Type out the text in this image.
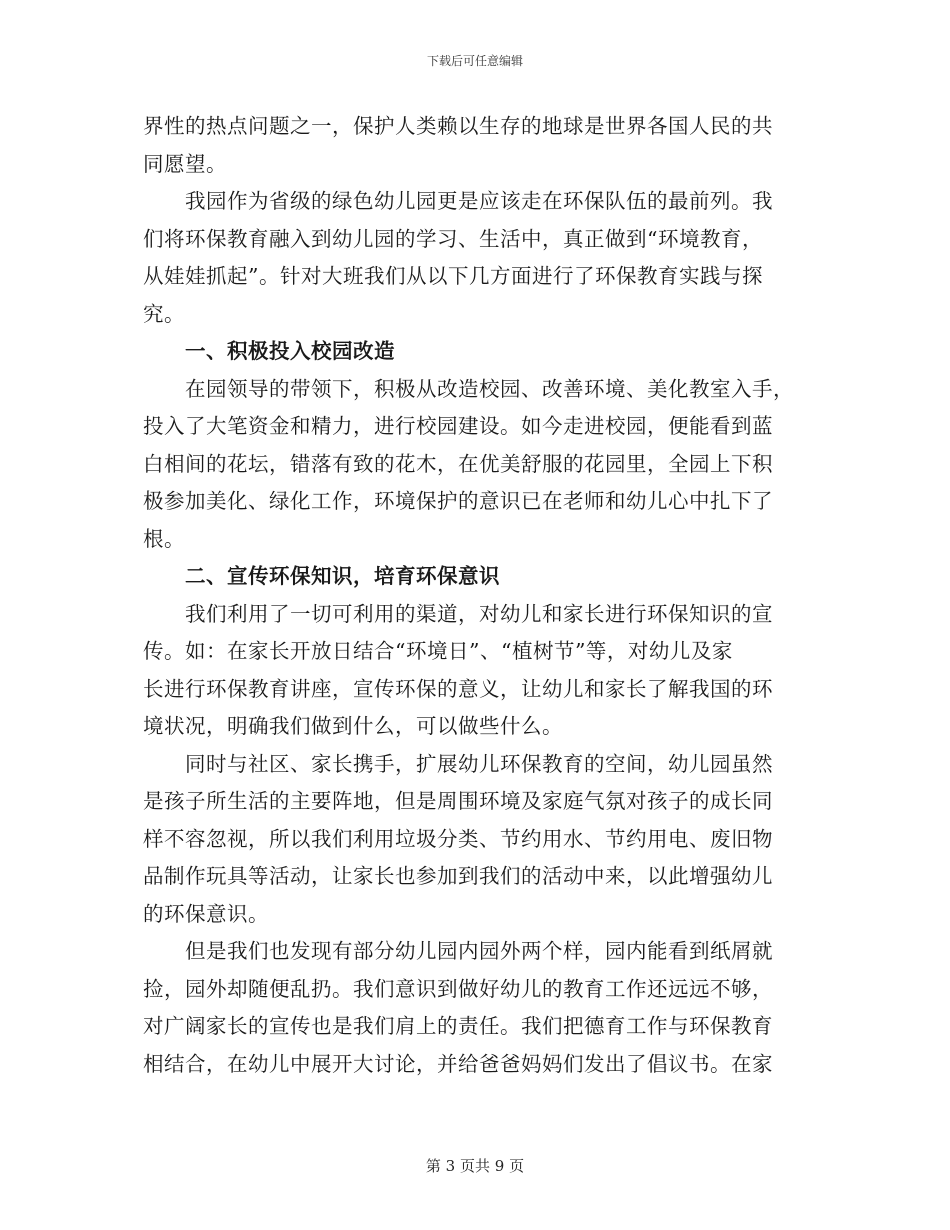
下载后可任意编辑
界性的热点问题之一，保护人类赖以生存的地球是世界各国人民的共
同愿望。
我园作为省级的绿色幼儿园更是应该走在环保队伍的最前列。我
们将环保教育融入到幼儿园的学习、生活中，真正做到“环境教育，
从娃娃抓起”。针对大班我们从以下几方面进行了环保教育实践与探
究。
一、积极投入校园改造
在园领导的带领下，积极从改造校园、改善环境、美化教室入手，
投入了大笔资金和精力，进行校园建设。如今走进校园，便能看到蓝
白相间的花坛，错落有致的花木，在优美舒服的花园里，全园上下积
极参加美化、绿化工作，环境保护的意识已在老师和幼儿心中扎下了
根。
二、宣传环保知识，培育环保意识
我们利用了一切可利用的渠道，对幼儿和家长进行环保知识的宣
传。如：在家长开放日结合“环境日”、“植树节”等，对幼儿及家
长进行环保教育讲座，宣传环保的意义，让幼儿和家长了解我国的环
境状况，明确我们做到什么，可以做些什么。
同时与社区、家长携手，扩展幼儿环保教育的空间，幼儿园虽然
是孩子所生活的主要阵地，但是周围环境及家庭气氛对孩子的成长同
样不容忽视，所以我们利用垃圾分类、节约用水、节约用电、废旧物
品制作玩具等活动，让家长也参加到我们的活动中来，以此增强幼儿
的环保意识。
但是我们也发现有部分幼儿园内园外两个样，园内能看到纸屑就
捡，园外却随便乱扔。我们意识到做好幼儿的教育工作还远远不够，
对广阔家长的宣传也是我们肩上的责任。我们把德育工作与环保教育
相结合，在幼儿中展开大讨论，并给爸爸妈妈们发出了倡议书。在家
第 3 页共 9 页
